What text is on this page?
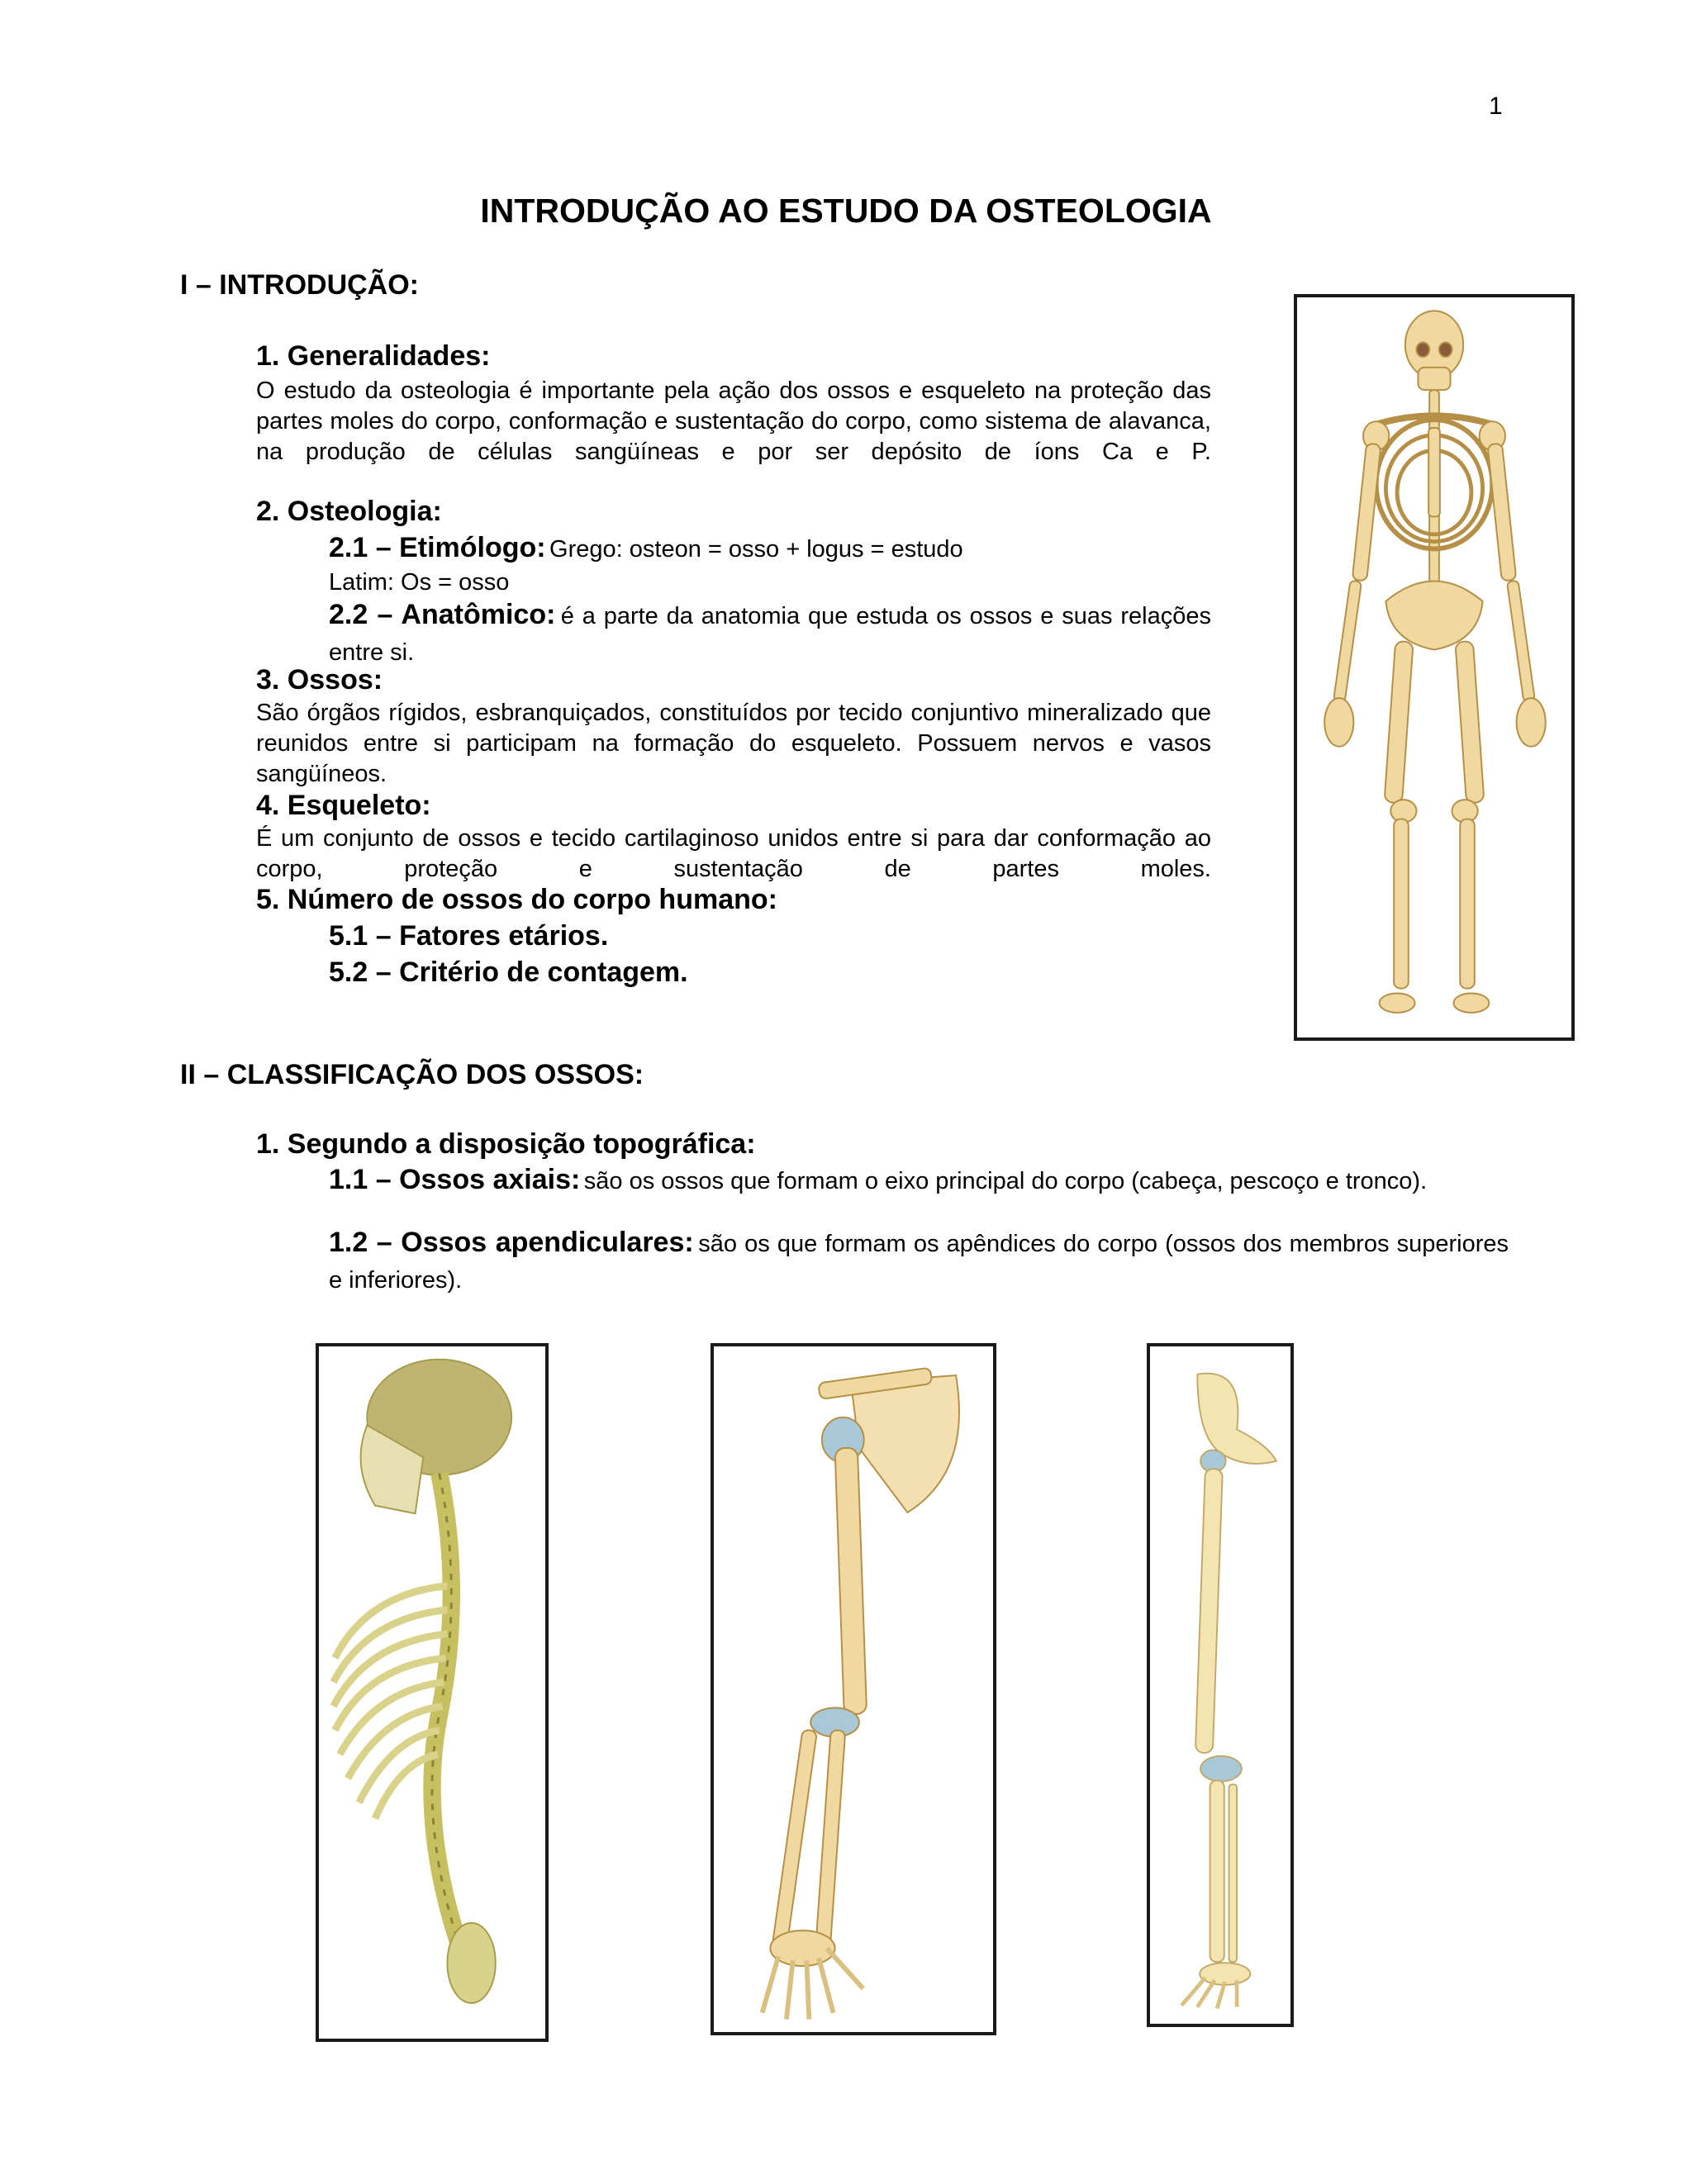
1
INTRODUÇÃO AO ESTUDO DA OSTEOLOGIA
I – INTRODUÇÃO:
1. Generalidades:
O estudo da osteologia é importante pela ação dos ossos e esqueleto na proteção das partes moles do corpo, conformação e sustentação do corpo, como sistema de alavanca, na produção de células sangüíneas e por ser depósito de íons Ca e P.
2. Osteologia:
2.1 – Etimólogo: Grego: osteon = osso + logus = estudo
Latim: Os = osso
2.2 – Anatômico: é a parte da anatomia que estuda os ossos e suas relações entre si.
3. Ossos:
São órgãos rígidos, esbranquiçados, constituídos por tecido conjuntivo mineralizado que reunidos entre si participam na formação do esqueleto. Possuem nervos e vasos sangüíneos.
4. Esqueleto:
É um conjunto de ossos e tecido cartilaginoso unidos entre si para dar conformação ao corpo, proteção e sustentação de partes moles.
5. Número de ossos do corpo humano:
5.1 – Fatores etários.
5.2 – Critério de contagem.
II – CLASSIFICAÇÃO DOS OSSOS:
1. Segundo a disposição topográfica:
1.1 – Ossos axiais: são os ossos que formam o eixo principal do corpo (cabeça, pescoço e tronco).
1.2 – Ossos apendiculares: são os que formam os apêndices do corpo (ossos dos membros superiores e inferiores).
